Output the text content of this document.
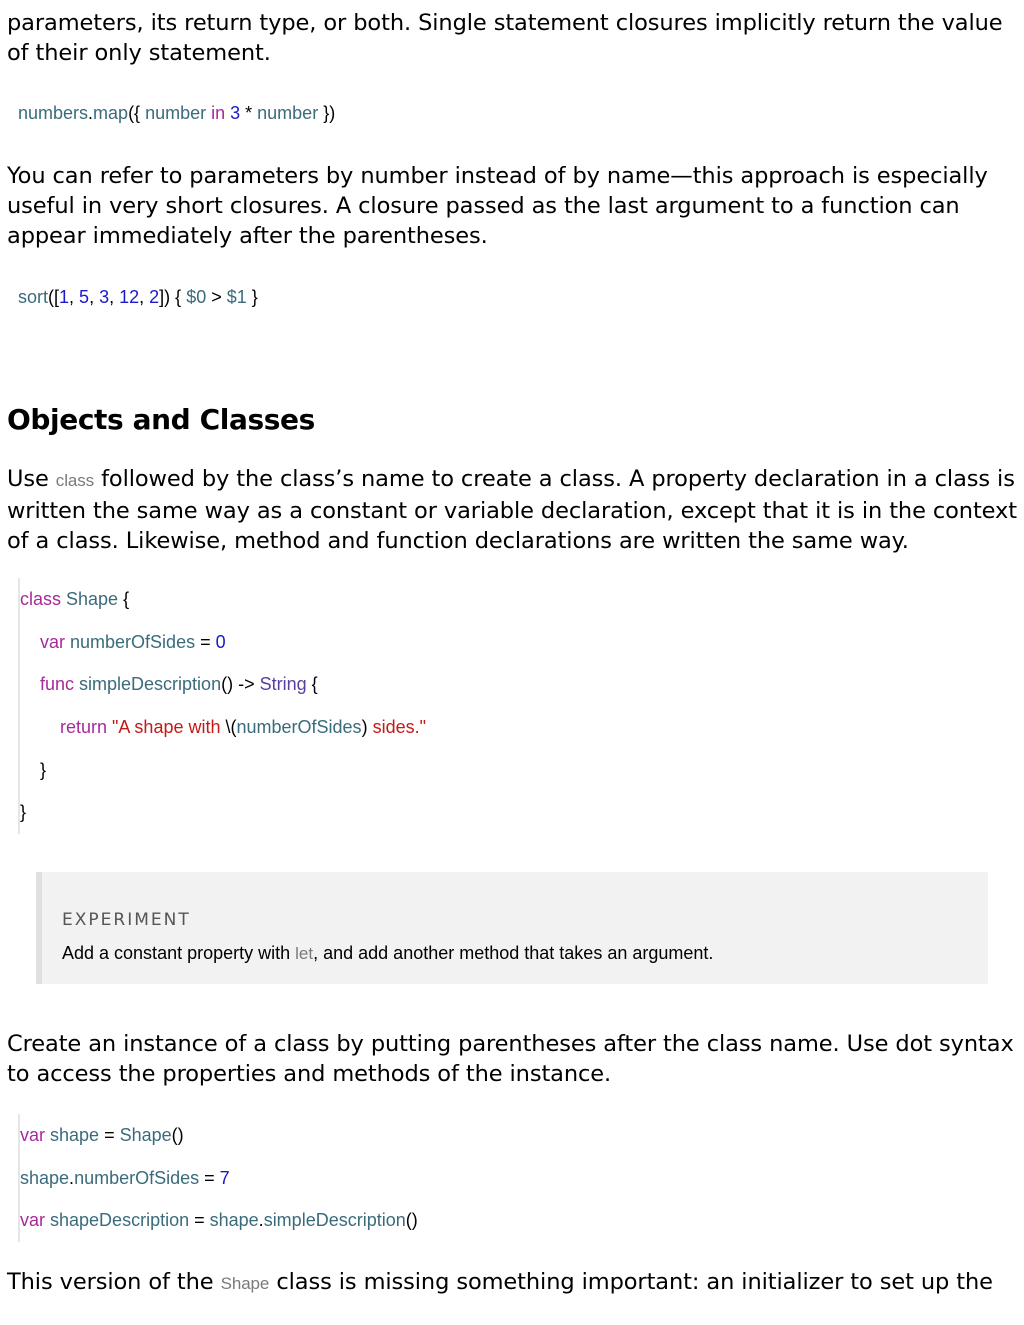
parameters, its return type, or both. Single statement closures implicitly return the value of their only statement.

numbers.map({ number in 3 * number })

You can refer to parameters by number instead of by name—this approach is especially useful in very short closures. A closure passed as the last argument to a function can appear immediately after the parentheses.

sort([1, 5, 3, 12, 2]) { $0 > $1 }
Objects and Classes

Use class followed by the class’s name to create a class. A property declaration in a class is written the same way as a constant or variable declaration, except that it is in the context of a class. Likewise, method and function declarations are written the same way.

class Shape {
var numberOfSides = 0
func simpleDescription() -> String {
return "A shape with \(numberOfSides) sides."
}
}
EXPERIMENT
Add a constant property with let, and add another method that takes an argument.

Create an instance of a class by putting parentheses after the class name. Use dot syntax to access the properties and methods of the instance.

var shape = Shape()
shape.numberOfSides = 7
var shapeDescription = shape.simpleDescription()

This version of the Shape class is missing something important: an initializer to set up the
